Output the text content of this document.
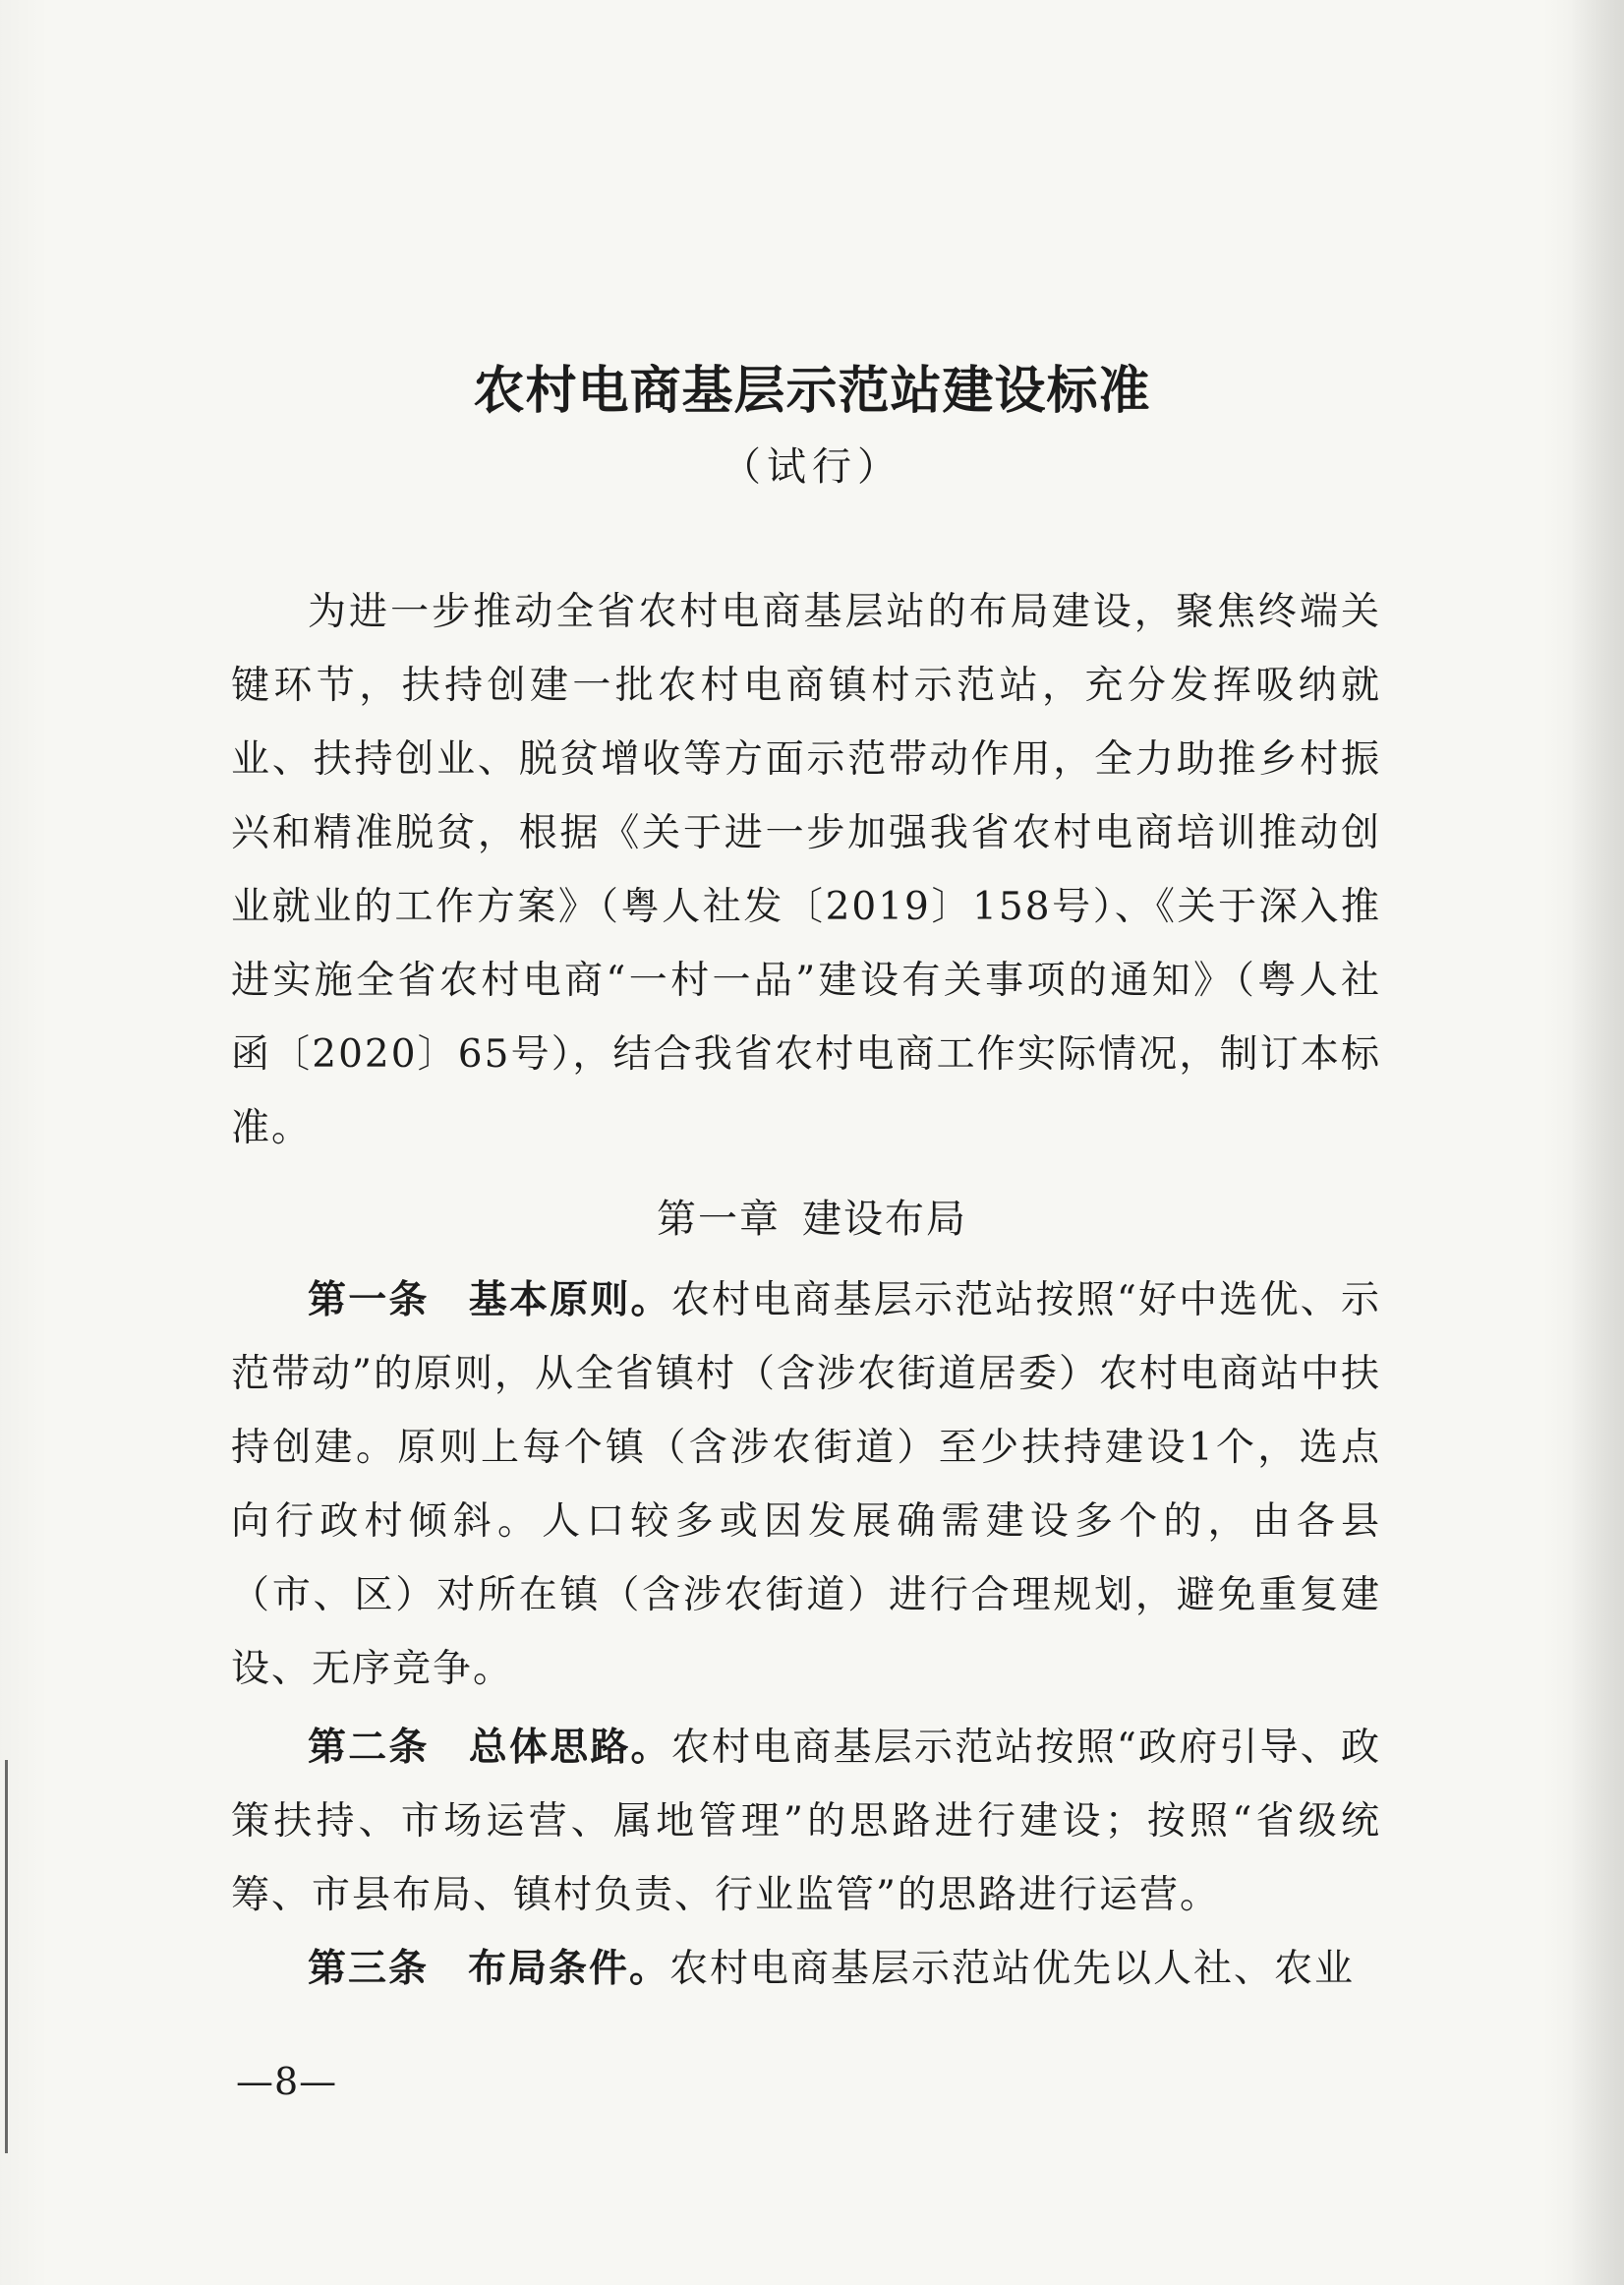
农村电商基层示范站建设标准
（试行）

为进一步推动全省农村电商基层站的布局建设，聚焦终端关键环节，扶持创建一批农村电商镇村示范站，充分发挥吸纳就业、扶持创业、脱贫增收等方面示范带动作用，全力助推乡村振兴和精准脱贫，根据《关于进一步加强我省农村电商培训推动创业就业的工作方案》（粤人社发〔2019〕158号）、《关于深入推进实施全省农村电商“一村一品”建设有关事项的通知》（粤人社函〔2020〕65号），结合我省农村电商工作实际情况，制订本标准。

第一章 建设布局

第一条 基本原则。农村电商基层示范站按照“好中选优、示范带动”的原则，从全省镇村（含涉农街道居委）农村电商站中扶持创建。原则上每个镇（含涉农街道）至少扶持建设1个，选点向行政村倾斜。人口较多或因发展确需建设多个的，由各县（市、区）对所在镇（含涉农街道）进行合理规划，避免重复建设、无序竞争。

第二条 总体思路。农村电商基层示范站按照“政府引导、政策扶持、市场运营、属地管理”的思路进行建设；按照“省级统筹、市县布局、镇村负责、行业监管”的思路进行运营。

第三条 布局条件。农村电商基层示范站优先以人社、农业

—8—
